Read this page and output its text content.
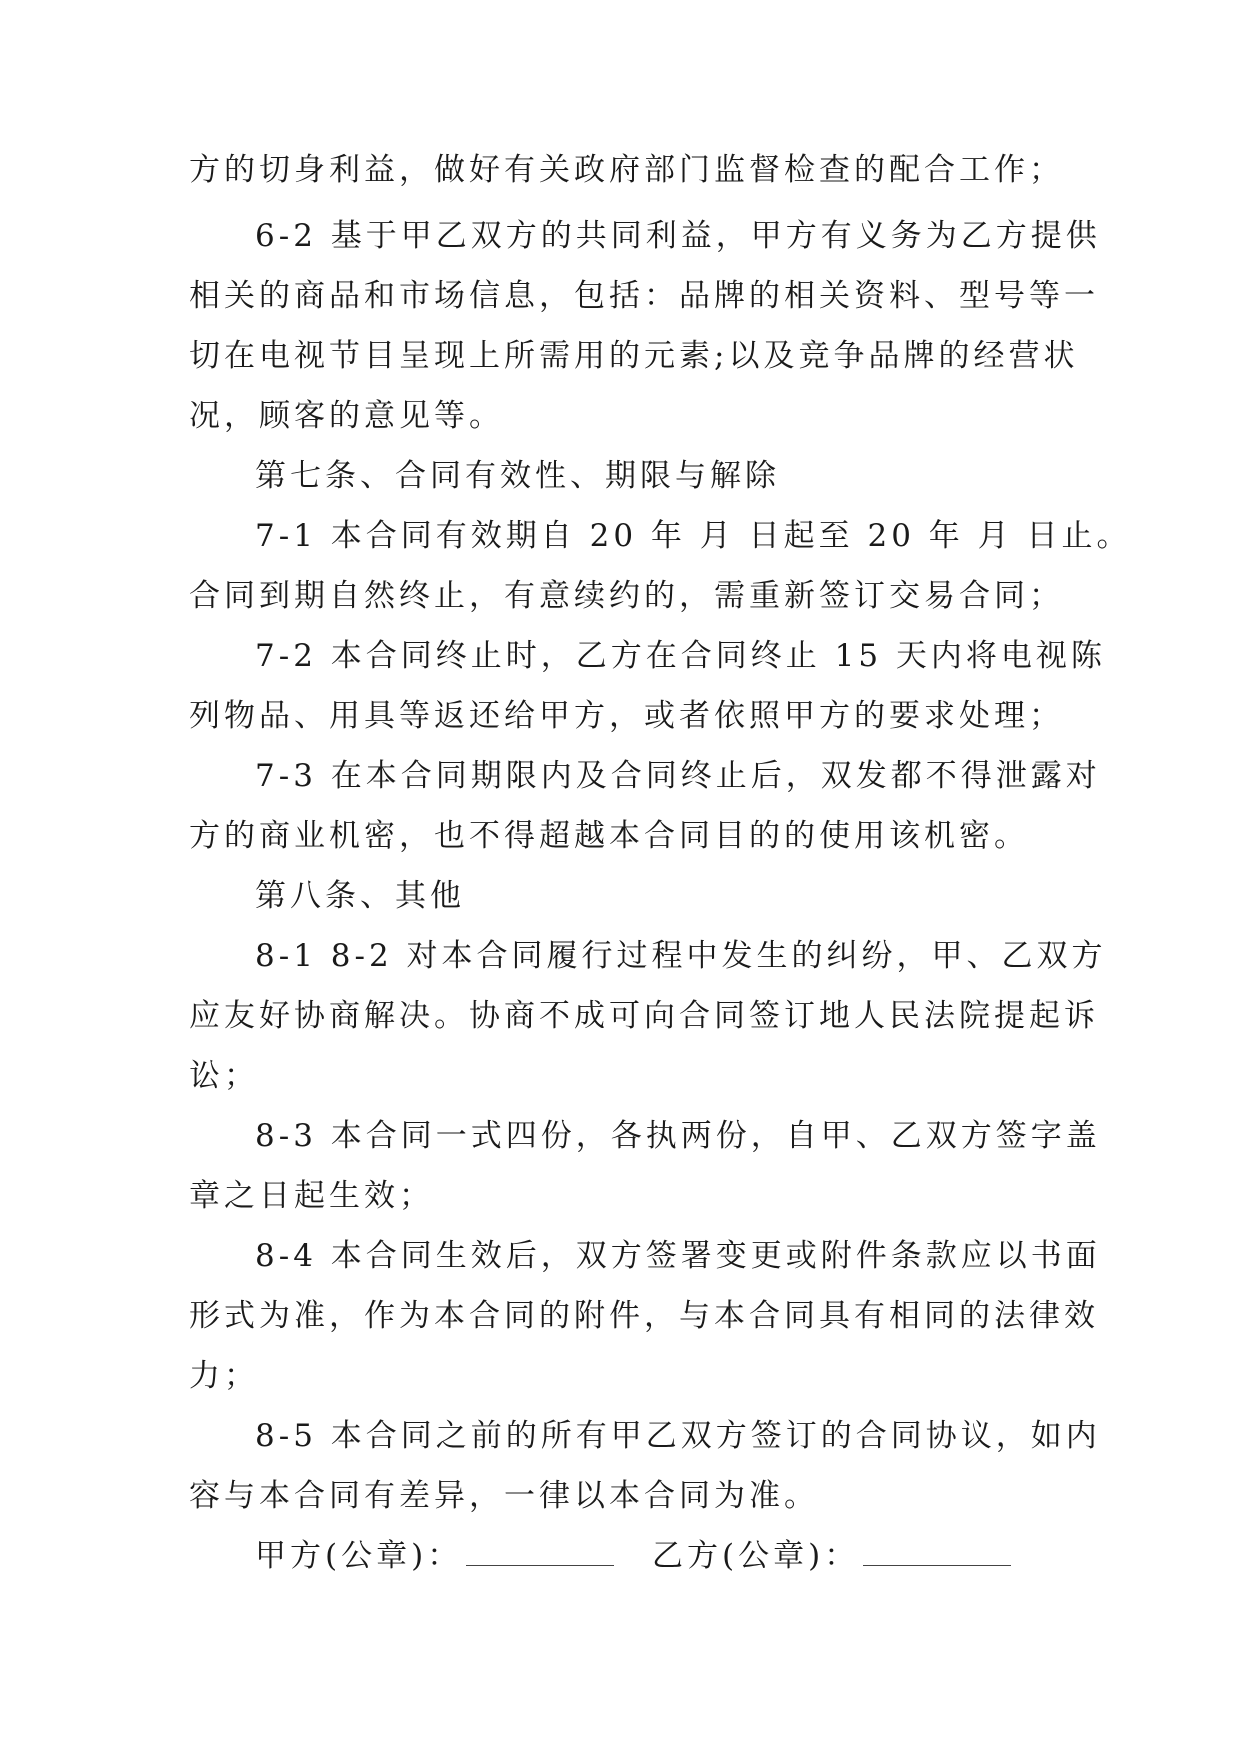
方的切身利益，做好有关政府部门监督检查的配合工作；
6-2 基于甲乙双方的共同利益，甲方有义务为乙方提供
相关的商品和市场信息，包括：品牌的相关资料、型号等一
切在电视节目呈现上所需用的元素;以及竞争品牌的经营状
况，顾客的意见等。
第七条、合同有效性、期限与解除
7-1 本合同有效期自 20 年 月 日起至 20 年 月 日止。
合同到期自然终止，有意续约的，需重新签订交易合同；
7-2 本合同终止时，乙方在合同终止 15 天内将电视陈
列物品、用具等返还给甲方，或者依照甲方的要求处理；
7-3 在本合同期限内及合同终止后，双发都不得泄露对
方的商业机密，也不得超越本合同目的的使用该机密。
第八条、其他
8-1 8-2 对本合同履行过程中发生的纠纷，甲、乙双方
应友好协商解决。协商不成可向合同签订地人民法院提起诉
讼；
8-3 本合同一式四份，各执两份，自甲、乙双方签字盖
章之日起生效；
8-4 本合同生效后，双方签署变更或附件条款应以书面
形式为准，作为本合同的附件，与本合同具有相同的法律效
力；
8-5 本合同之前的所有甲乙双方签订的合同协议，如内
容与本合同有差异，一律以本合同为准。
甲方(公章)：	乙方(公章)：
